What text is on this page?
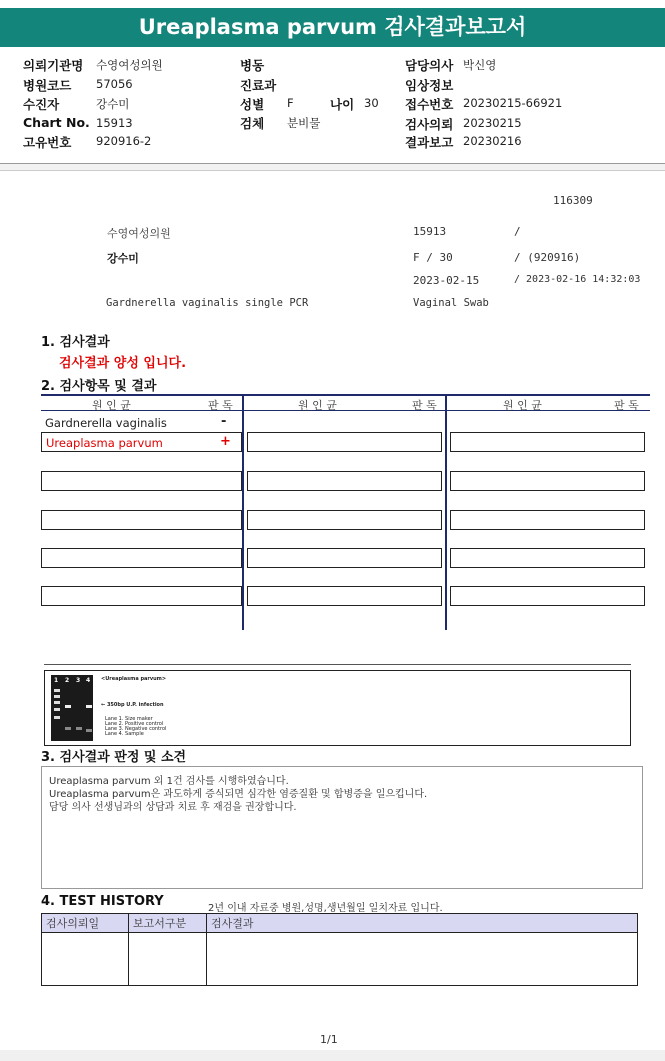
Ureaplasma parvum 검사결과보고서
의뢰기관명 수영여성의원
병원코드 57056
수진자	강수미
Chart No. 15913
고유번호 920916-2
병동
진료과
성별 F	나이 30
검체 분비물
담당의사 박신영
임상정보
접수번호 20230215-66921
검사의뢰 20230215
결과보고 20230216
116309
수영여성의원	15913	/
강수미	F / 30	/ (920916)
2023-02-15	/ 2023-02-16 14:32:03
Gardnerella vaginalis single PCR	Vaginal Swab
1. 검사결과
검사결과 양성 입니다.
2. 검사항목 및 결과
원 인 균	판 독	원 인 균	판 독	원 인 균	판 독
Gardnerella vaginalis	-
Ureaplasma parvum	+
1 2 3 4 <Ureaplasma parvum>
← 350bp U.P. infection
Lane 1. Size maker
Lane 2. Positive control
Lane 3. Negative control
Lane 4. Sample
3. 검사결과 판정 및 소견
Ureaplasma parvum 외 1건 검사를 시행하였습니다.
Ureaplasma parvum은 과도하게 증식되면 심각한 염증질환 및 합병증을 일으킵니다.
담당 의사 선생님과의 상담과 치료 후 재검을 권장합니다.
4. TEST HISTORY	2년 이내 자료중 병원,성명,생년월일 일치자료 입니다.
검사의뢰일	보고서구분	검사결과

1/1
